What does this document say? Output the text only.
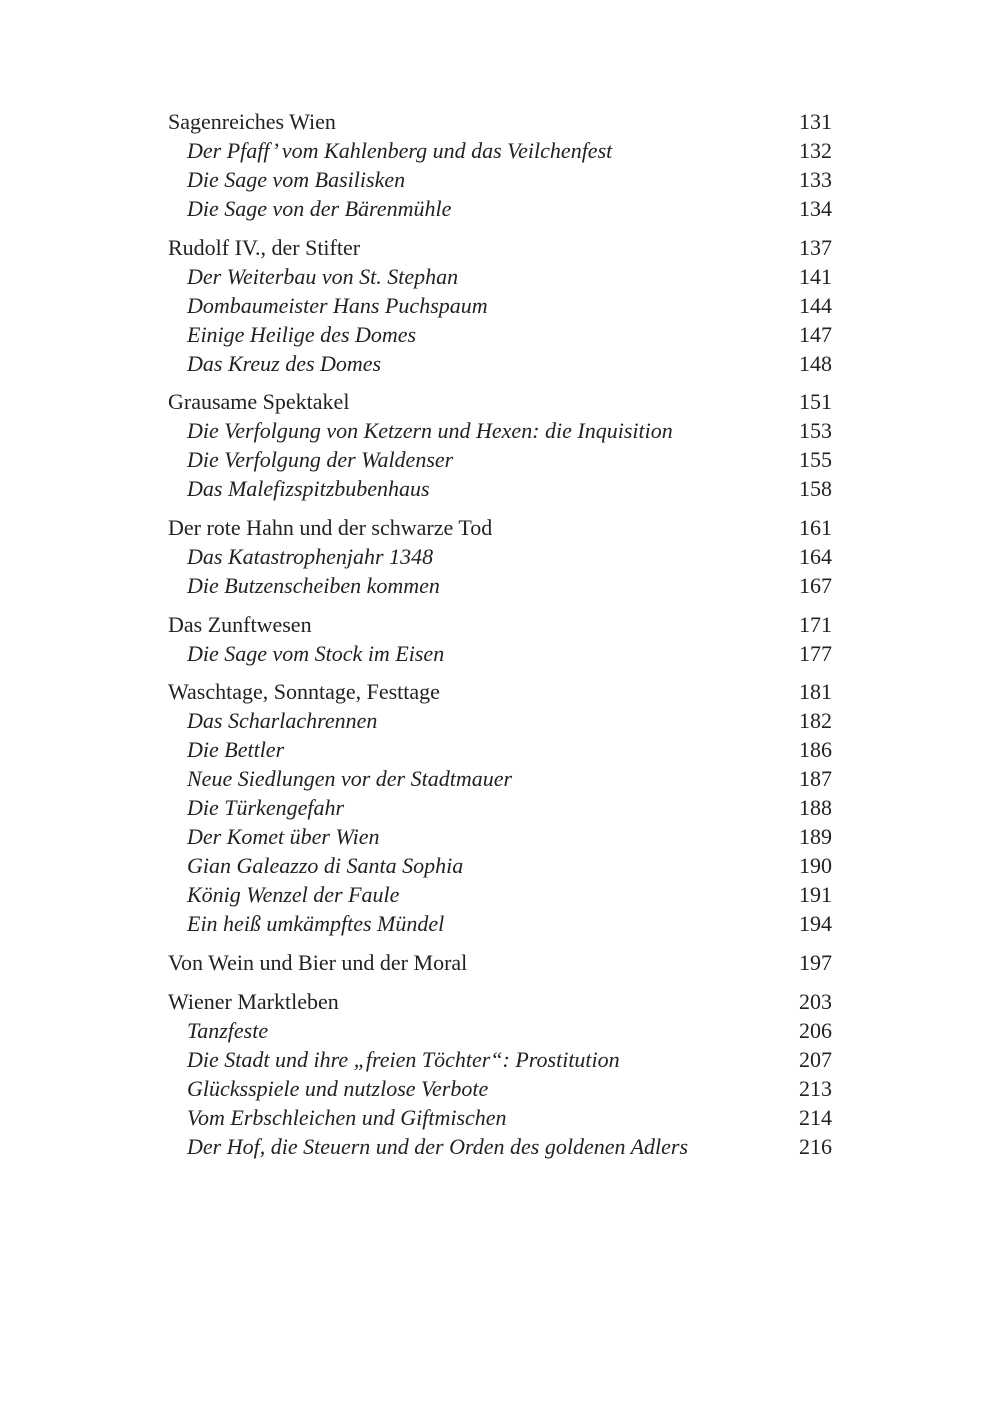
Sagenreiches Wien	131
Der Pfaff’ vom Kahlenberg und das Veilchenfest	132
Die Sage vom Basilisken	133
Die Sage von der Bärenmühle	134
Rudolf IV., der Stifter	137
Der Weiterbau von St. Stephan	141
Dombaumeister Hans Puchspaum	144
Einige Heilige des Domes	147
Das Kreuz des Domes	148
Grausame Spektakel	151
Die Verfolgung von Ketzern und Hexen: die Inquisition	153
Die Verfolgung der Waldenser	155
Das Malefizspitzbubenhaus	158
Der rote Hahn und der schwarze Tod	161
Das Katastrophenjahr 1348	164
Die Butzenscheiben kommen	167
Das Zunftwesen	171
Die Sage vom Stock im Eisen	177
Waschtage, Sonntage, Festtage	181
Das Scharlachrennen	182
Die Bettler	186
Neue Siedlungen vor der Stadtmauer	187
Die Türkengefahr	188
Der Komet über Wien	189
Gian Galeazzo di Santa Sophia	190
König Wenzel der Faule	191
Ein heiß umkämpftes Mündel	194
Von Wein und Bier und der Moral	197
Wiener Marktleben	203
Tanzfeste	206
Die Stadt und ihre „freien Töchter“: Prostitution	207
Glücksspiele und nutzlose Verbote	213
Vom Erbschleichen und Giftmischen	214
Der Hof, die Steuern und der Orden des goldenen Adlers	216
